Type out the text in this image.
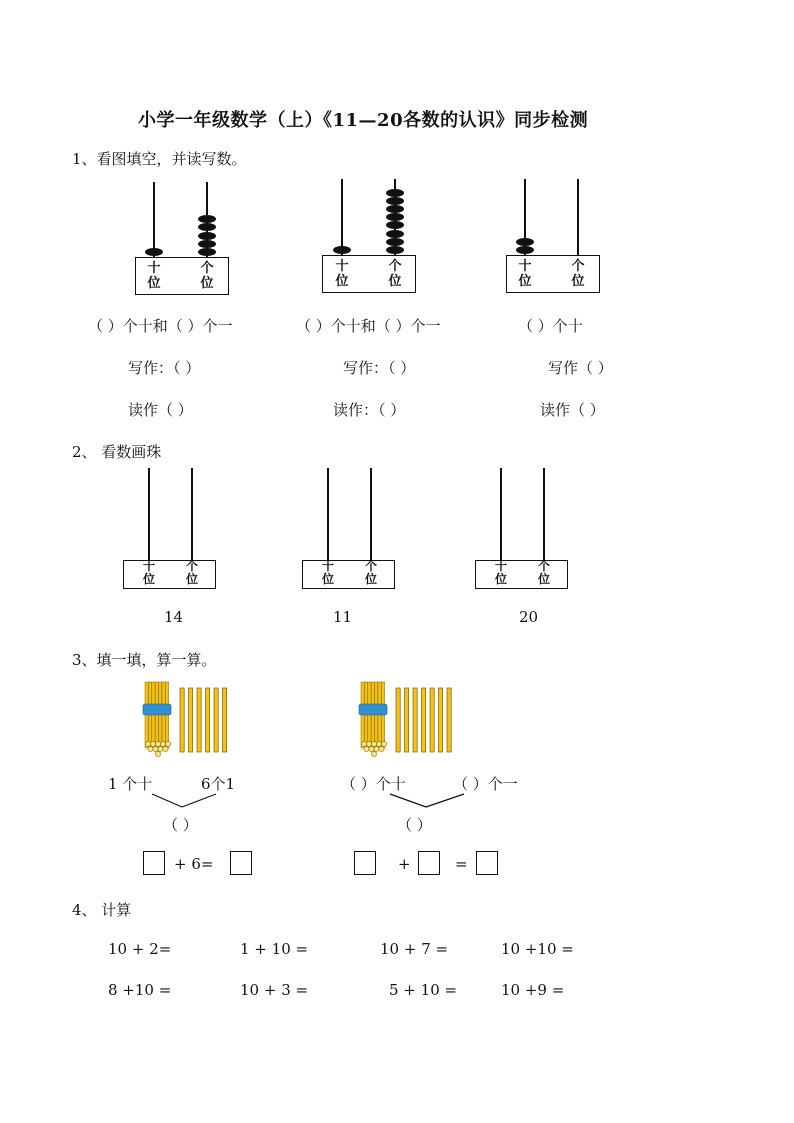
小学一年级数学（上）《11—20各数的认识》同步检测
1、看图填空，并读写数。
十位
个位
十位
个位
十位
个位
（ ）个十和（ ）个一	（ ）个十和（ ）个一	（ ）个十
写作：（ ）	写作：（ ）	写作（ ）
读作（ ）	读作：（ ）	读作（ ）
2、 看数画珠
十位
个位
十位
个位
十位
个位
14	11	20
3、填一填，算一算。
1 个十	6个1
（ ）
+ 6=
（ ）个十	（ ）个一
（ ）
+	=
4、 计算
10 + 2=	1 + 10 =	10 + 7 =	10 +10 =
8 +10 =	10 + 3 =	5 + 10 =	10 +9 =
